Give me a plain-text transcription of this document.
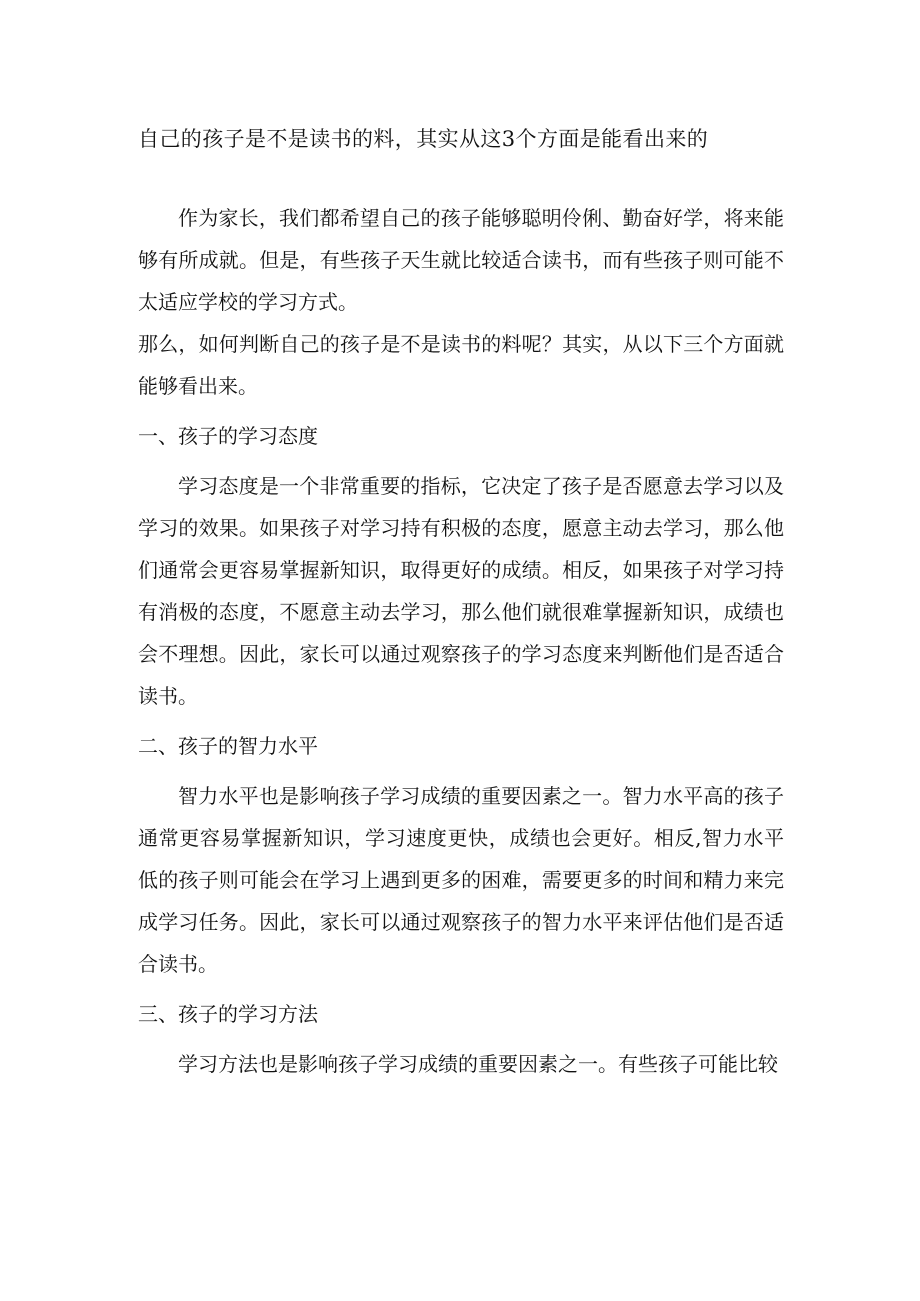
自己的孩子是不是读书的料，其实从这3个方面是能看出来的

作为家长，我们都希望自己的孩子能够聪明伶俐、勤奋好学，将来能够有所成就。但是，有些孩子天生就比较适合读书，而有些孩子则可能不太适应学校的学习方式。

那么，如何判断自己的孩子是不是读书的料呢？其实，从以下三个方面就能够看出来。

一、孩子的学习态度

学习态度是一个非常重要的指标，它决定了孩子是否愿意去学习以及学习的效果。如果孩子对学习持有积极的态度，愿意主动去学习，那么他们通常会更容易掌握新知识，取得更好的成绩。相反，如果孩子对学习持有消极的态度，不愿意主动去学习，那么他们就很难掌握新知识，成绩也会不理想。因此，家长可以通过观察孩子的学习态度来判断他们是否适合读书。

二、孩子的智力水平

智力水平也是影响孩子学习成绩的重要因素之一。智力水平高的孩子通常更容易掌握新知识，学习速度更快，成绩也会更好。相反,智力水平低的孩子则可能会在学习上遇到更多的困难，需要更多的时间和精力来完成学习任务。因此，家长可以通过观察孩子的智力水平来评估他们是否适合读书。

三、孩子的学习方法

学习方法也是影响孩子学习成绩的重要因素之一。有些孩子可能比较
